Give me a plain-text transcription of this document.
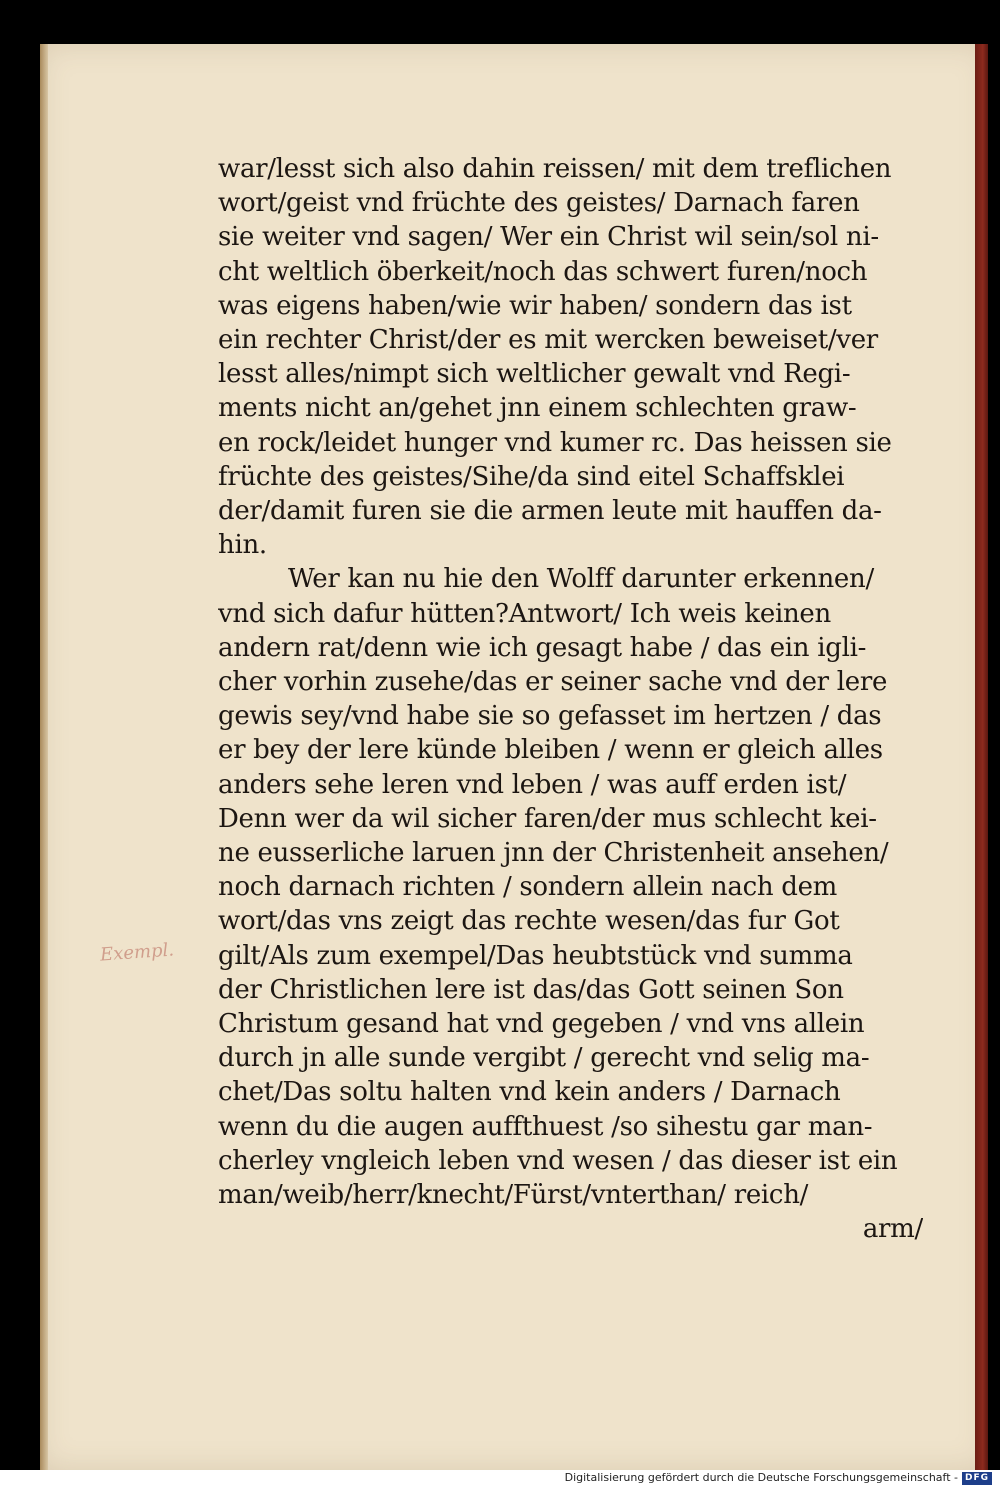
war/lesst sich also dahin reissen/ mit dem treflichen
wort/geist vnd früchte des geistes/ Darnach faren
sie weiter vnd sagen/ Wer ein Christ wil sein/sol ni-
cht weltlich öberkeit/noch das schwert furen/noch
was eigens haben/wie wir haben/ sondern das ist
ein rechter Christ/der es mit wercken beweiset/ver
lesst alles/nimpt sich weltlicher gewalt vnd Regi-
ments nicht an/gehet jnn einem schlechten graw-
en rock/leidet hunger vnd kumer rc. Das heissen sie
früchte des geistes/Sihe/da sind eitel Schaffsklei
der/damit furen sie die armen leute mit hauffen da-
hin.
Wer kan nu hie den Wolff darunter erkennen/
vnd sich dafur hütten?Antwort/ Ich weis keinen
andern rat/denn wie ich gesagt habe / das ein igli-
cher vorhin zusehe/das er seiner sache vnd der lere
gewis sey/vnd habe sie so gefasset im hertzen / das
er bey der lere künde bleiben / wenn er gleich alles
anders sehe leren vnd leben / was auff erden ist/
Denn wer da wil sicher faren/der mus schlecht kei-
ne eusserliche laruen jnn der Christenheit ansehen/
noch darnach richten / sondern allein nach dem
wort/das vns zeigt das rechte wesen/das fur Got
gilt/Als zum exempel/Das heubtstück vnd summa
der Christlichen lere ist das/das Gott seinen Son
Christum gesand hat vnd gegeben / vnd vns allein
durch jn alle sunde vergibt / gerecht vnd selig ma-
chet/Das soltu halten vnd kein anders / Darnach
wenn du die augen auffthuest /so sihestu gar man-
cherley vngleich leben vnd wesen / das dieser ist ein
man/weib/herr/knecht/Fürst/vnterthan/ reich/
arm/
Exempl.
Digitalisierung gefördert durch die Deutsche Forschungsgemeinschaft - DFG
